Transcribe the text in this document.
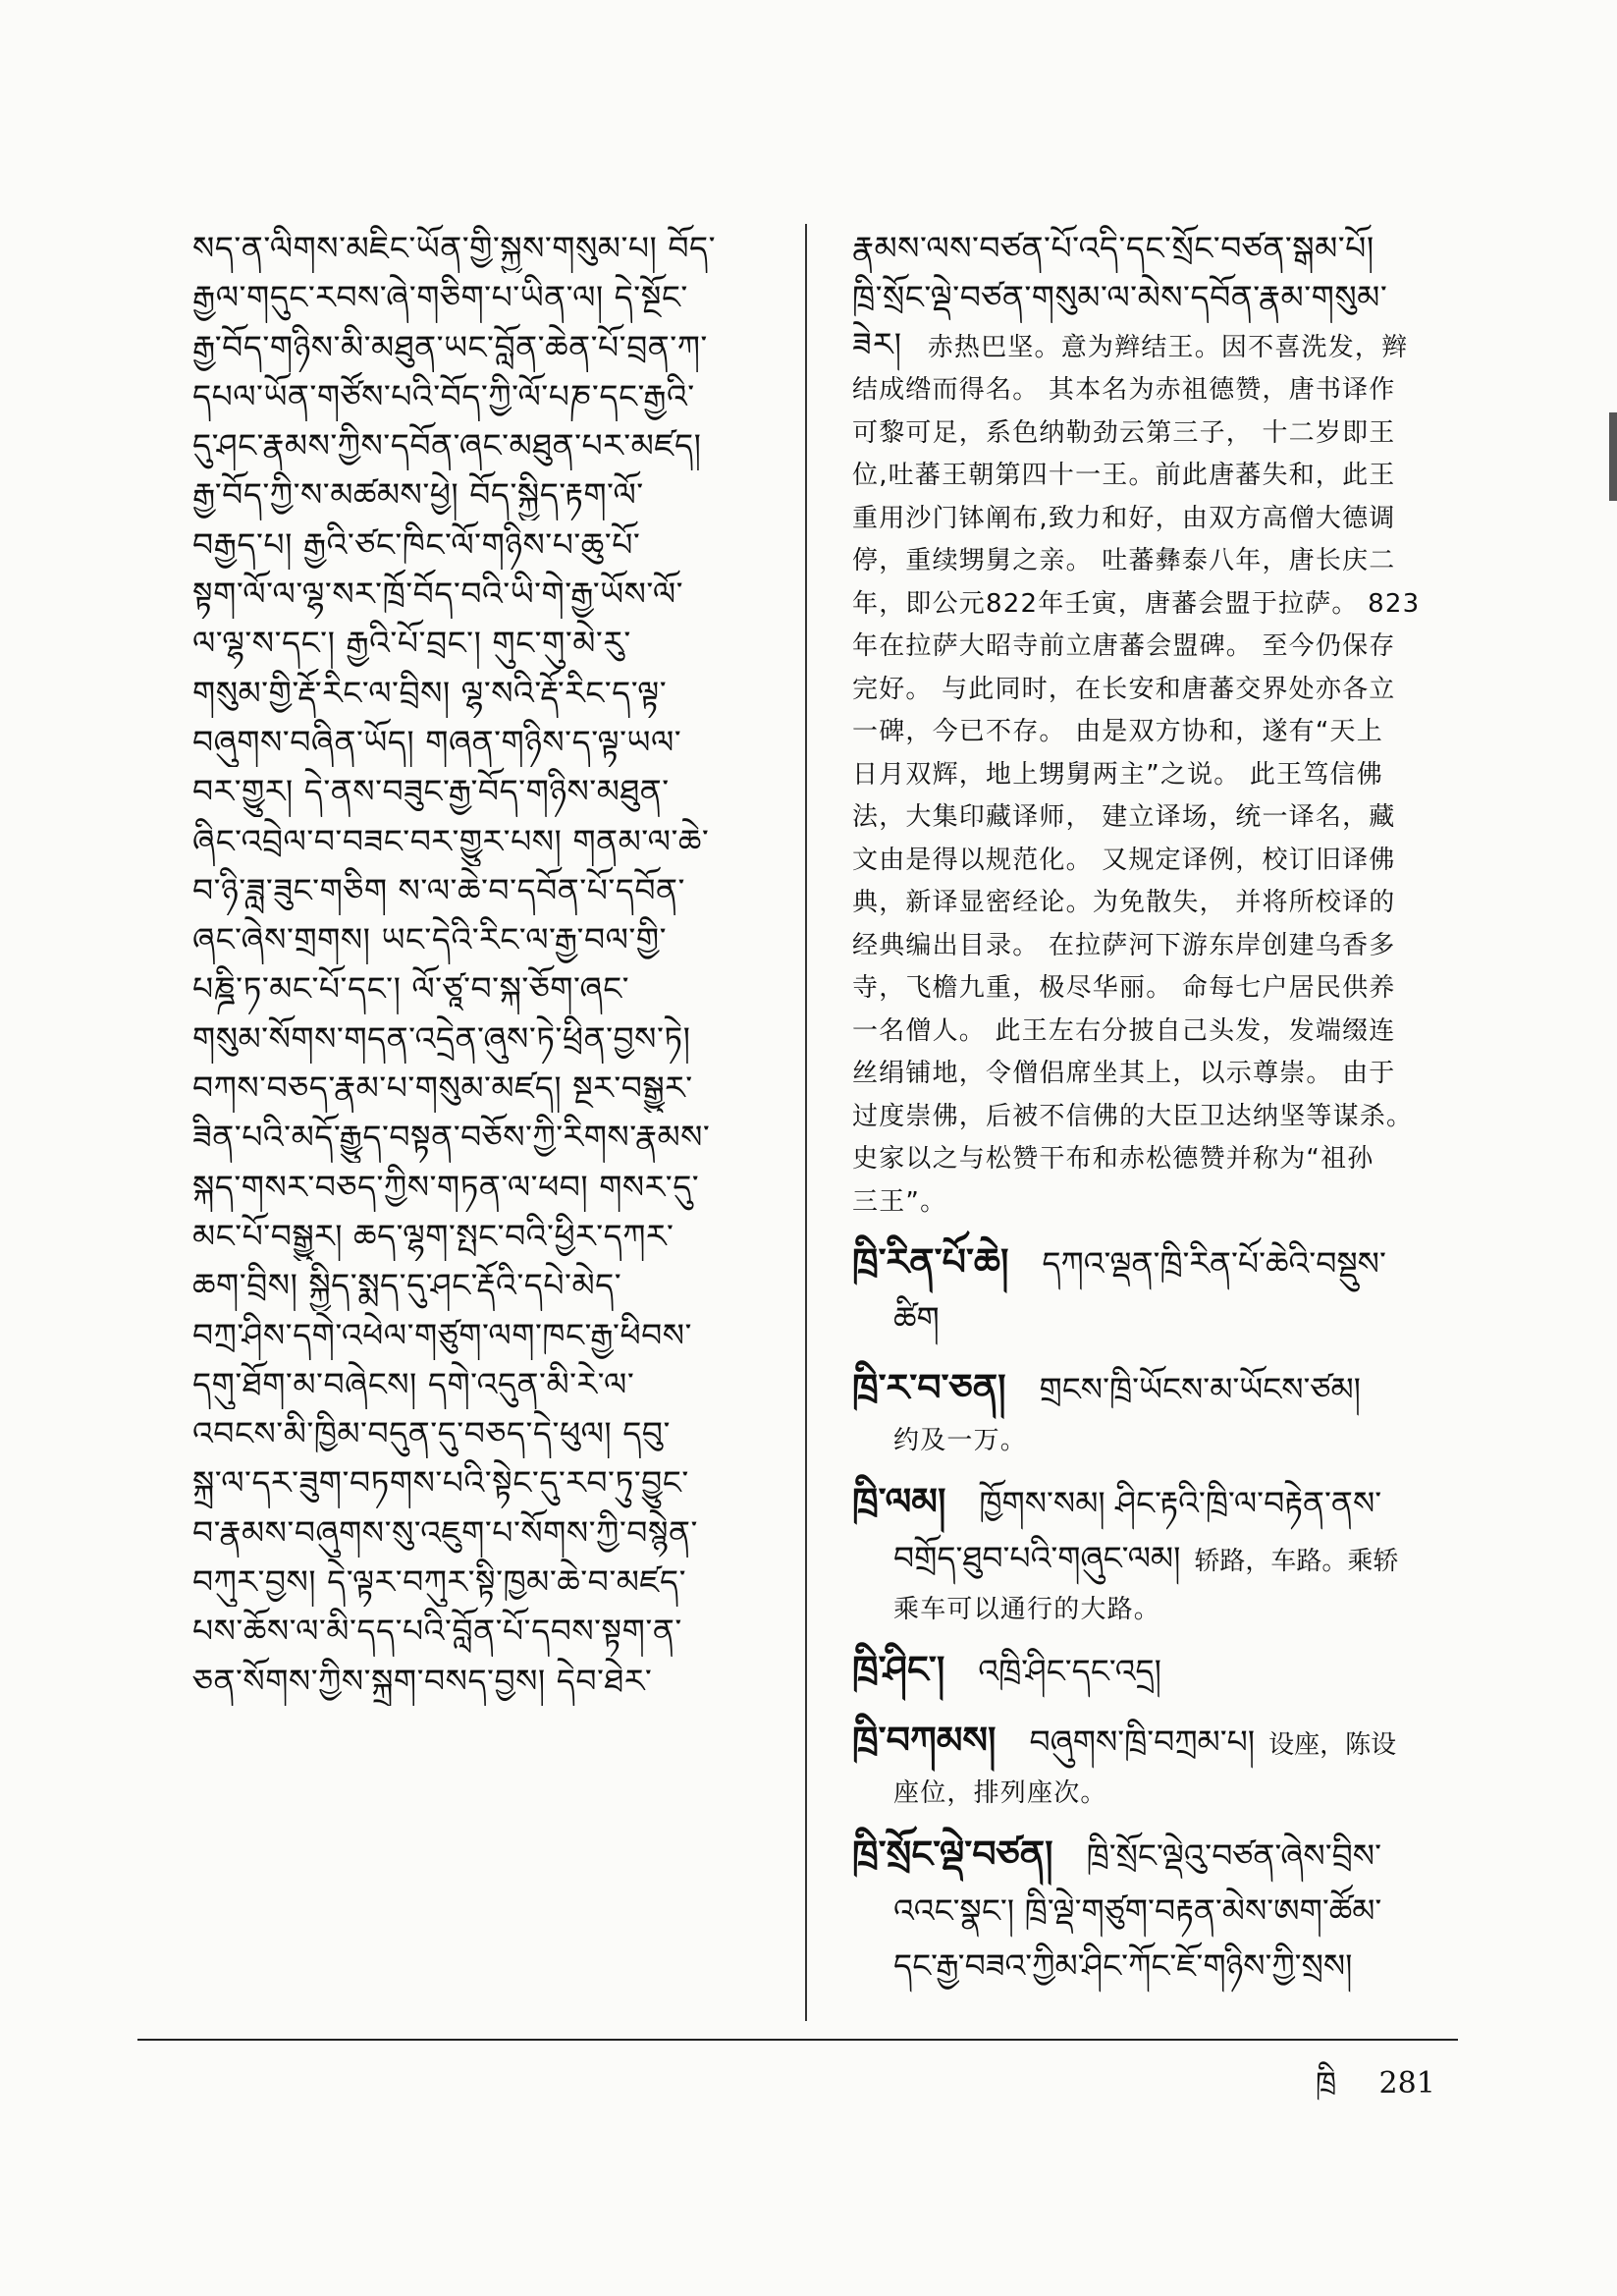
སད་ན་ལིགས་མཇིང་ཡོན་གྱི་སྐྱས་གསུམ་པ། བོད་
རྒྱལ་གདུང་རབས་ཞེ་གཅིག་པ་ཡིན་ལ། དེ་སྔོང་
རྒྱ་བོད་གཉིས་མི་མཐུན་ཡང་བློན་ཆེན་པོ་བྲན་ཀ་
དཔལ་ཡོན་གཙོས་པའི་བོད་ཀྱི་ལོ་པཎ་དང་རྒྱའི་
དུ་ཤང་རྣམས་ཀྱིས་དབོན་ཞང་མཐུན་པར་མཛད།
རྒྱ་བོད་ཀྱི་ས་མཚམས་ཕྱེ། བོད་སྐྱིད་རྟག་ལོ་
བརྒྱད་པ། རྒྱའི་ཙང་ཁིང་ལོ་གཉིས་པ་ཆུ་པོ་
སྟག་ལོ་ལ་ལྷ་སར་ཁྲོ་བོད་བའི་ཡི་གེ་རྒྱ་ཡོས་ལོ་
ལ་ལྷ་ས་དང་། རྒྱའི་པོ་བྲང་། གུང་གུ་མེ་རུ་
གསུམ་གྱི་རྡོ་རིང་ལ་བྲིས། ལྷ་སའི་རྡོ་རིང་ད་ལྟ་
བཞུགས་བཞིན་ཡོད། གཞན་གཉིས་ད་ལྟ་ཡལ་
བར་གྱུར། དེ་ནས་བཟུང་རྒྱ་བོད་གཉིས་མཐུན་
ཞིང་འབྲེལ་བ་བཟང་བར་གྱུར་པས། གནམ་ལ་ཆེ་
བ་ཉི་ཟླ་ཟུང་གཅིག ས་ལ་ཆེ་བ་དབོན་པོ་དབོན་
ཞང་ཞེས་གྲགས། ཡང་དེའི་རིང་ལ་རྒྱ་བལ་གྱི་
པཎྜི་ཏ་མང་པོ་དང་། ལོ་ཙཱ་བ་སྐ་ཅོག་ཞང་
གསུམ་སོགས་གདན་འདྲེན་ཞུས་ཏེ་ཕྲིན་བྱས་ཏེ།
བཀས་བཅད་རྣམ་པ་གསུམ་མཛད། སྔར་བསྒྱུར་
ཟིན་པའི་མདོ་རྒྱུད་བསྟན་བཅོས་ཀྱི་རིགས་རྣམས་
སྐད་གསར་བཅད་ཀྱིས་གཏན་ལ་ཕབ། གསར་དུ་
མང་པོ་བསྒྱུར། ཆད་ལྷག་སྤང་བའི་ཕྱིར་དཀར་
ཆག་བྲིས། སྐྱིད་སྨད་དུ་ཤང་རྡོའི་དཔེ་མེད་
བཀྲ་ཤིས་དགེ་འཕེལ་གཙུག་ལག་ཁང་རྒྱ་ཕིབས་
དགུ་ཐོག་མ་བཞེངས། དགེ་འདུན་མི་རེ་ལ་
འབངས་མི་ཁྱིམ་བདུན་དུ་བཅད་དེ་ཕུལ། དབུ་
སྐྲ་ལ་དར་ཟུག་བཏགས་པའི་སྟེང་དུ་རབ་ཏུ་བྱུང་
བ་རྣམས་བཞུགས་སུ་འཇུག་པ་སོགས་ཀྱི་བསྙེན་
བཀུར་བྱས། དེ་ལྟར་བཀུར་སྟི་ཁྱམ་ཆེ་བ་མཛད་
པས་ཆོས་ལ་མི་དད་པའི་བློན་པོ་དབས་སྟག་ན་
ཅན་སོགས་ཀྱིས་སྐྲག་བསད་བྱས། དེབ་ཐེར་
རྣམས་ལས་བཙན་པོ་འདི་དང་སྲོང་བཙན་སྒམ་པོ།
ཁྲི་སྲོང་ལྡེ་བཙན་གསུམ་ལ་མེས་དབོན་རྣམ་གསུམ་
ཟེར། 赤热巴坚。意为辫结王。因不喜洗发，辫
结成绺而得名。 其本名为赤祖德赞，唐书译作
可黎可足，系色纳勒劲云第三子， 十二岁即王
位,吐蕃王朝第四十一王。前此唐蕃失和，此王
重用沙门钵阐布,致力和好，由双方高僧大德调
停，重续甥舅之亲。 吐蕃彝泰八年，唐长庆二
年，即公元822年壬寅，唐蕃会盟于拉萨。 823
年在拉萨大昭寺前立唐蕃会盟碑。 至今仍保存
完好。 与此同时，在长安和唐蕃交界处亦各立
一碑，今已不存。 由是双方协和，遂有“天上
日月双辉，地上甥舅两主”之说。 此王笃信佛
法，大集印藏译师， 建立译场，统一译名，藏
文由是得以规范化。 又规定译例，校订旧译佛
典，新译显密经论。为免散失， 并将所校译的
经典编出目录。 在拉萨河下游东岸创建乌香多
寺，飞檐九重，极尽华丽。 命每七户居民供养
一名僧人。 此王左右分披自己头发，发端缀连
丝绢铺地，令僧侣席坐其上，以示尊崇。 由于
过度崇佛，后被不信佛的大臣卫达纳坚等谋杀。
史家以之与松赞干布和赤松德赞并称为“祖孙
三王”。
ཁྲི་རིན་པོ་ཆེ། དཀའ་ལྡན་ཁྲི་རིན་པོ་ཆེའི་བསྡུས་
ཚིག
ཁྲི་ར་བ་ཅན། གྲངས་ཁྲི་ཡོངས་མ་ཡོངས་ཙམ།
约及一万。
ཁྲི་ལམ། ཁྱོགས་སམ། ཤིང་རྟའི་ཁྲི་ལ་བརྟེན་ནས་
བགྲོད་ཐུབ་པའི་གཞུང་ལམ། 轿路，车路。乘轿
乘车可以通行的大路。
ཁྲི་ཤིང་། འཁྲི་ཤིང་དང་འདྲ།
ཁྲི་བཀམས། བཞུགས་ཁྲི་བཀྲམ་པ། 设座，陈设
座位，排列座次。
ཁྲི་སྲོང་ལྡེ་བཙན། ཁྲི་སྲོང་ལྡེའུ་བཙན་ཞེས་བྲིས་
འའང་སྣང་། ཁྲི་ལྡེ་གཙུག་བརྟན་མེས་ཨག་ཚོམ་
དང་རྒྱ་བཟའ་ཀྱིམ་ཤིང་ཀོང་ཇོ་གཉིས་ཀྱི་སྲས།
ཁྲི 281
